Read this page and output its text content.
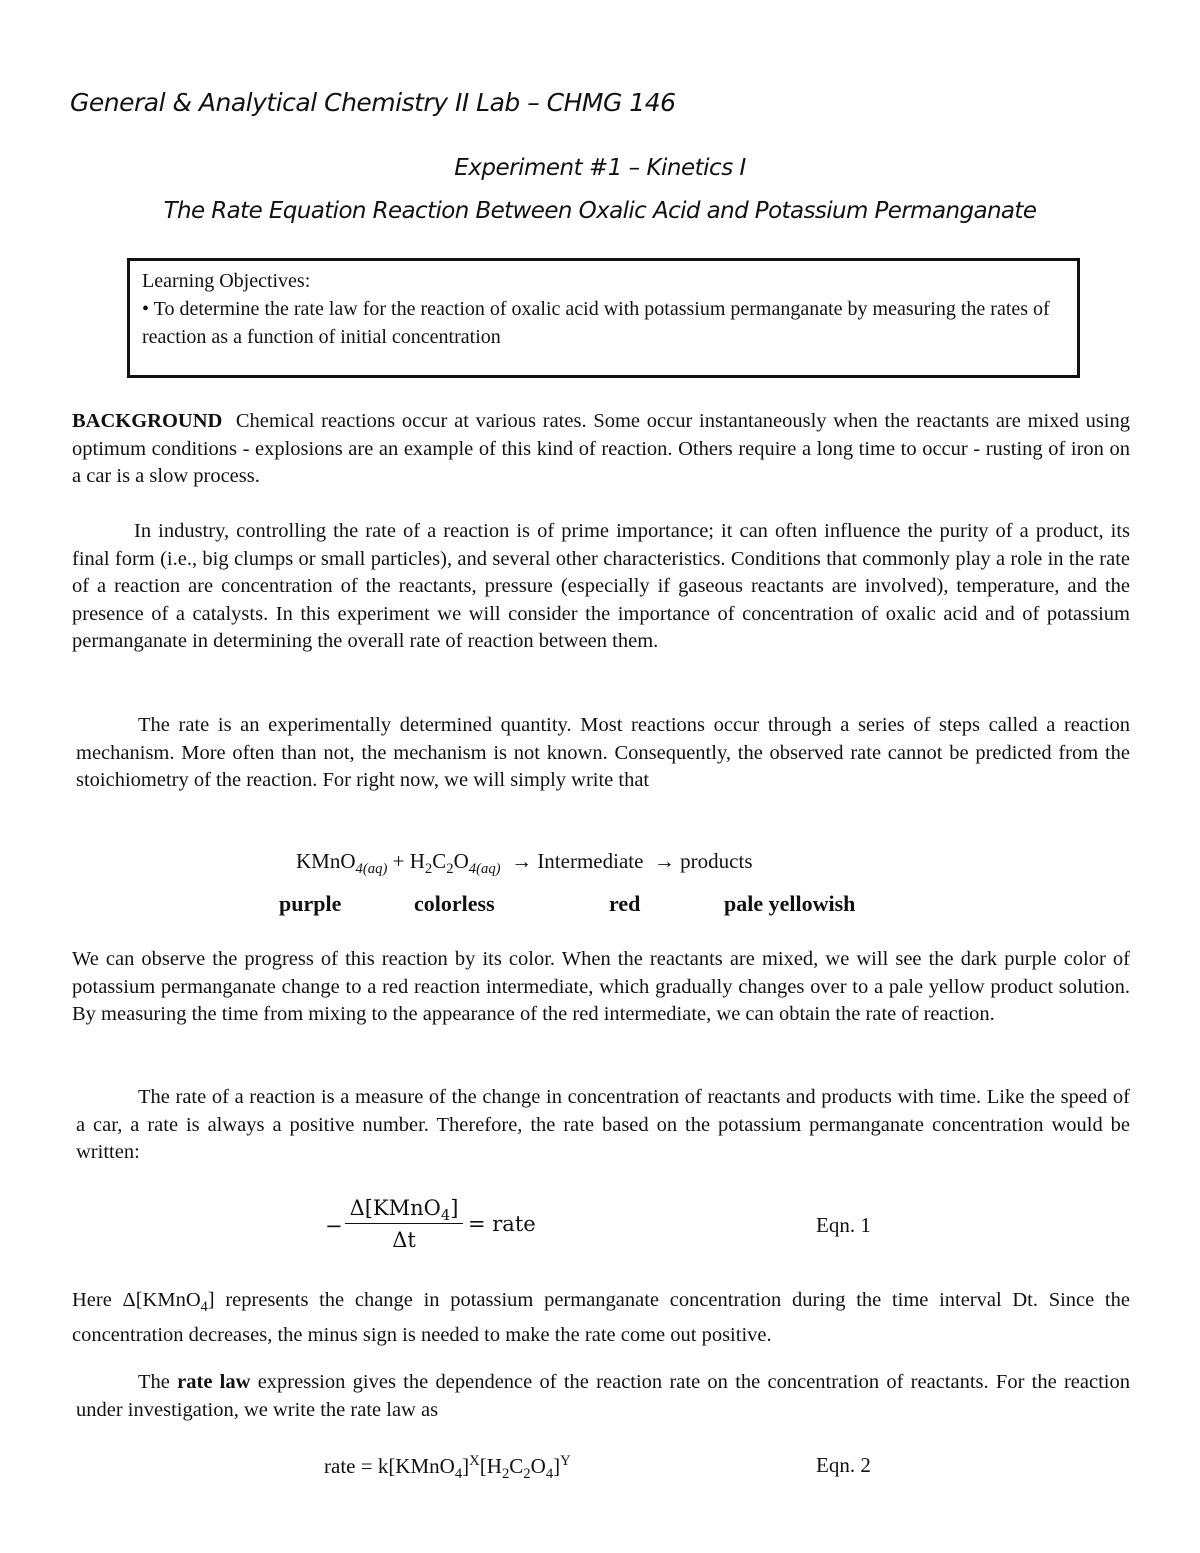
General & Analytical Chemistry II Lab – CHMG 146
Experiment #1 – Kinetics I
The Rate Equation Reaction Between Oxalic Acid and Potassium Permanganate
Learning Objectives:
• To determine the rate law for the reaction of oxalic acid with potassium permanganate by measuring the rates of reaction as a function of initial concentration
BACKGROUND Chemical reactions occur at various rates. Some occur instantaneously when the reactants are mixed using optimum conditions - explosions are an example of this kind of reaction. Others require a long time to occur - rusting of iron on a car is a slow process.
In industry, controlling the rate of a reaction is of prime importance; it can often influence the purity of a product, its final form (i.e., big clumps or small particles), and several other characteristics. Conditions that commonly play a role in the rate of a reaction are concentration of the reactants, pressure (especially if gaseous reactants are involved), temperature, and the presence of a catalysts. In this experiment we will consider the importance of concentration of oxalic acid and of potassium permanganate in determining the overall rate of reaction between them.
The rate is an experimentally determined quantity. Most reactions occur through a series of steps called a reaction mechanism. More often than not, the mechanism is not known. Consequently, the observed rate cannot be predicted from the stoichiometry of the reaction. For right now, we will simply write that
KMnO$_{4(aq)}$ + $H_2C_2O_{4(aq)}$ → Intermediate → products
purple	colorless	red	pale yellowish
We can observe the progress of this reaction by its color. When the reactants are mixed, we will see the dark purple color of potassium permanganate change to a red reaction intermediate, which gradually changes over to a pale yellow product solution. By measuring the time from mixing to the appearance of the red intermediate, we can obtain the rate of reaction.
The rate of a reaction is a measure of the change in concentration of reactants and products with time. Like the speed of a car, a rate is always a positive number. Therefore, the rate based on the potassium permanganate concentration would be written:
−
Δ[KMnO$_4$]
Δt
= rate	Eqn. 1
Here Δ[KMnO$_4$] represents the change in potassium permanganate concentration during the time interval Dt. Since the concentration decreases, the minus sign is needed to make the rate come out positive.
The rate law expression gives the dependence of the reaction rate on the concentration of reactants. For the reaction under investigation, we write the rate law as
rate = $k[KMnO_4]^X[H_2C_2O_4]^Y$	Eqn. 2
